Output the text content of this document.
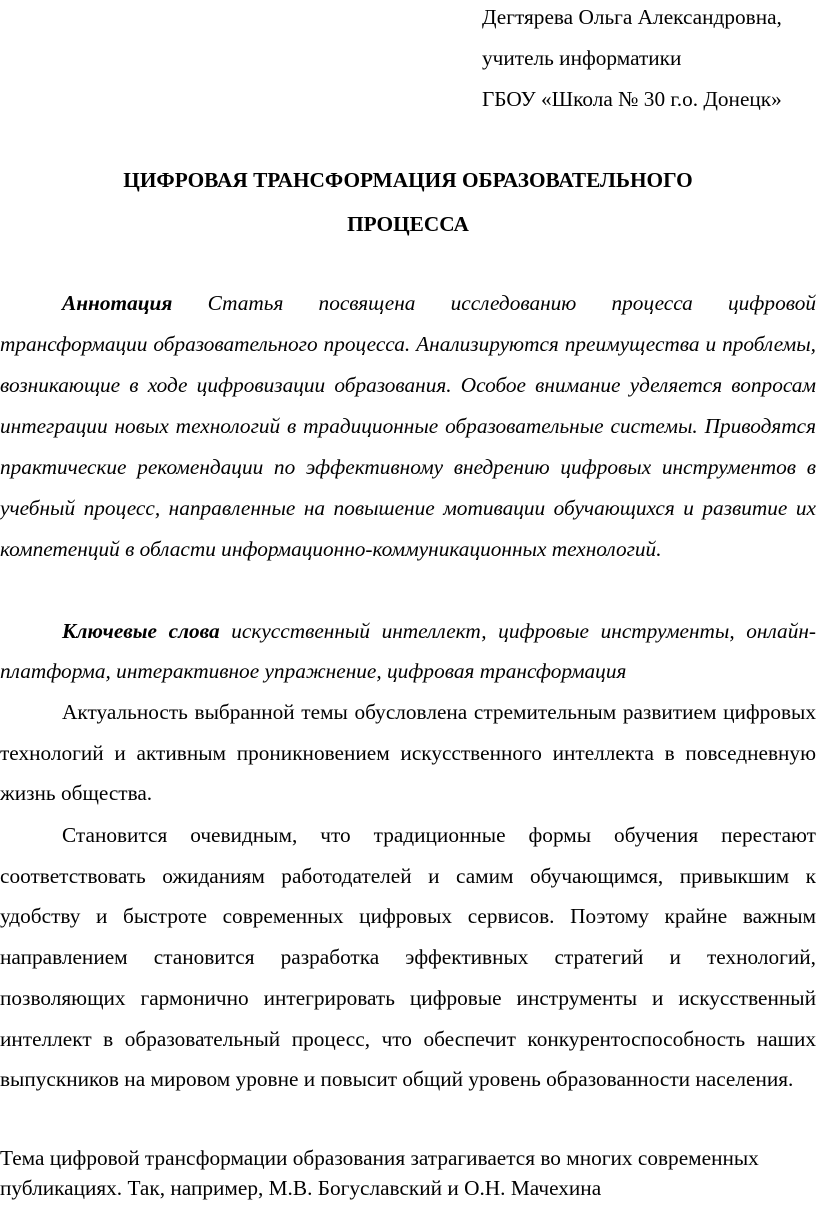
Дегтярева Ольга Александровна,
учитель информатики
ГБОУ «Школа № 30 г.о. Донецк»
ЦИФРОВАЯ ТРАНСФОРМАЦИЯ ОБРАЗОВАТЕЛЬНОГО
ПРОЦЕССА

Аннотация Статья посвящена исследованию процесса цифровой трансформации образовательного процесса. Анализируются преимущества и проблемы, возникающие в ходе цифровизации образования. Особое внимание уделяется вопросам интеграции новых технологий в традиционные образовательные системы. Приводятся практические рекомендации по эффективному внедрению цифровых инструментов в учебный процесс, направленные на повышение мотивации обучающихся и развитие их компетенций в области информационно-коммуникационных технологий.

Ключевые слова искусственный интеллект, цифровые инструменты, онлайн-платформа, интерактивное упражнение, цифровая трансформация

Актуальность выбранной темы обусловлена стремительным развитием цифровых технологий и активным проникновением искусственного интеллекта в повседневную жизнь общества.

Становится очевидным, что традиционные формы обучения перестают соответствовать ожиданиям работодателей и самим обучающимся, привыкшим к удобству и быстроте современных цифровых сервисов. Поэтому крайне важным направлением становится разработка эффективных стратегий и технологий, позволяющих гармонично интегрировать цифровые инструменты и искусственный интеллект в образовательный процесс, что обеспечит конкурентоспособность наших выпускников на мировом уровне и повысит общий уровень образованности населения.

Тема цифровой трансформации образования затрагивается во многих современных публикациях. Так, например, М.В. Богуславский и О.Н. Мачехина
